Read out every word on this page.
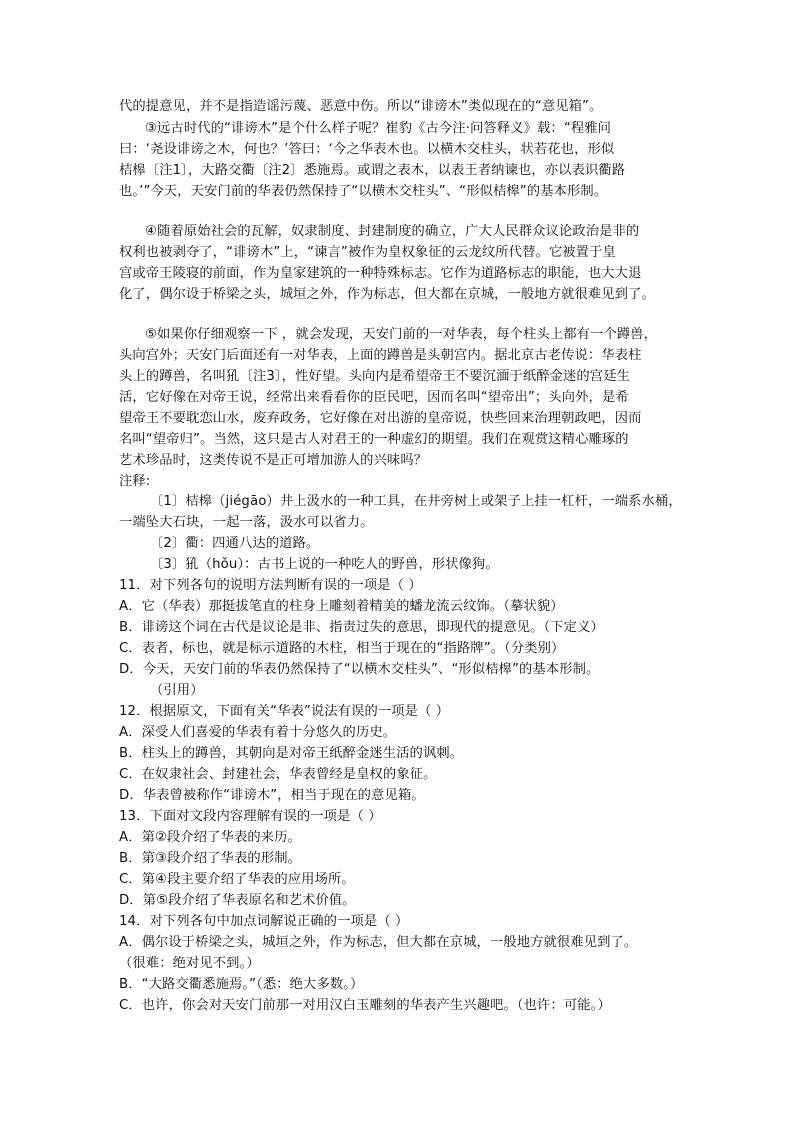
代的提意见，并不是指造谣污蔑、恶意中伤。所以“诽谤木”类似现在的“意见箱”。

③远古时代的“诽谤木”是个什么样子呢？崔豹《古今注·问答释义》载：“程雅问

曰：‘尧设诽谤之木，何也？’答曰：‘今之华表木也。以横木交柱头，状若花也，形似

桔槔〔注1〕，大路交衢〔注2〕悉施焉。或谓之表木，以表王者纳谏也，亦以表识衢路

也。’”今天，天安门前的华表仍然保持了“以横木交柱头”、“形似桔槔”的基本形制。

④随着原始社会的瓦解，奴隶制度、封建制度的确立，广大人民群众议论政治是非的

权利也被剥夺了，“诽谤木”上，“谏言”被作为皇权象征的云龙纹所代替。它被置于皇

宫或帝王陵寝的前面，作为皇家建筑的一种特殊标志。它作为道路标志的职能，也大大退

化了，偶尔设于桥梁之头，城垣之外，作为标志，但大都在京城，一般地方就很难见到了。

⑤如果你仔细观察一下 ，就会发现，天安门前的一对华表，每个柱头上都有一个蹲兽，

头向宫外；天安门后面还有一对华表，上面的蹲兽是头朝宫内。据北京古老传说：华表柱

头上的蹲兽，名叫犼〔注3〕，性好望。头向内是希望帝王不要沉湎于纸醉金迷的宫廷生

活，它好像在对帝王说，经常出来看看你的臣民吧，因而名叫“望帝出”；头向外，是希

望帝王不要耽恋山水，废弃政务，它好像在对出游的皇帝说，快些回来治理朝政吧，因而

名叫“望帝归”。当然，这只是古人对君王的一种虚幻的期望。我们在观赏这精心雕琢的

艺术珍品时，这类传说不是正可增加游人的兴味吗？

注释:

〔1〕桔槔（jiégāo）井上汲水的一种工具，在井旁树上或架子上挂一杠杆，一端系水桶，

一端坠大石块，一起一落，汲水可以省力。

〔2〕衢：四通八达的道路。

〔3〕犼（hǒu）：古书上说的一种吃人的野兽，形状像狗。

11．对下列各句的说明方法判断有误的一项是（ ）

A．它（华表）那挺拔笔直的柱身上雕刻着精美的蟠龙流云纹饰。（摹状貌）

B．诽谤这个词在古代是议论是非、指责过失的意思，即现代的提意见。（下定义）

C．表者，标也，就是标示道路的木柱，相当于现在的“指路牌”。（分类别）

D．今天，天安门前的华表仍然保持了“以横木交柱头”、“形似桔槔”的基本形制。

（引用）

12．根据原文，下面有关“华表”说法有误的一项是（ ）

A．深受人们喜爱的华表有着十分悠久的历史。

B．柱头上的蹲兽，其朝向是对帝王纸醉金迷生活的讽刺。

C．在奴隶社会、封建社会，华表曾经是皇权的象征。

D．华表曾被称作“诽谤木”，相当于现在的意见箱。

13．下面对文段内容理解有误的一项是（ ）

A．第②段介绍了华表的来历。

B．第③段介绍了华表的形制。

C．第④段主要介绍了华表的应用场所。

D．第⑤段介绍了华表原名和艺术价值。

14．对下列各句中加点词解说正确的一项是（ ）

A．偶尔设于桥梁之头，城垣之外，作为标志，但大都在京城，一般地方就很难见到了。

（很难：绝对见不到。）

B．“大路交衢悉施焉。”（悉：绝大多数。）

C．也许，你会对天安门前那一对用汉白玉雕刻的华表产生兴趣吧。（也许：可能。）
